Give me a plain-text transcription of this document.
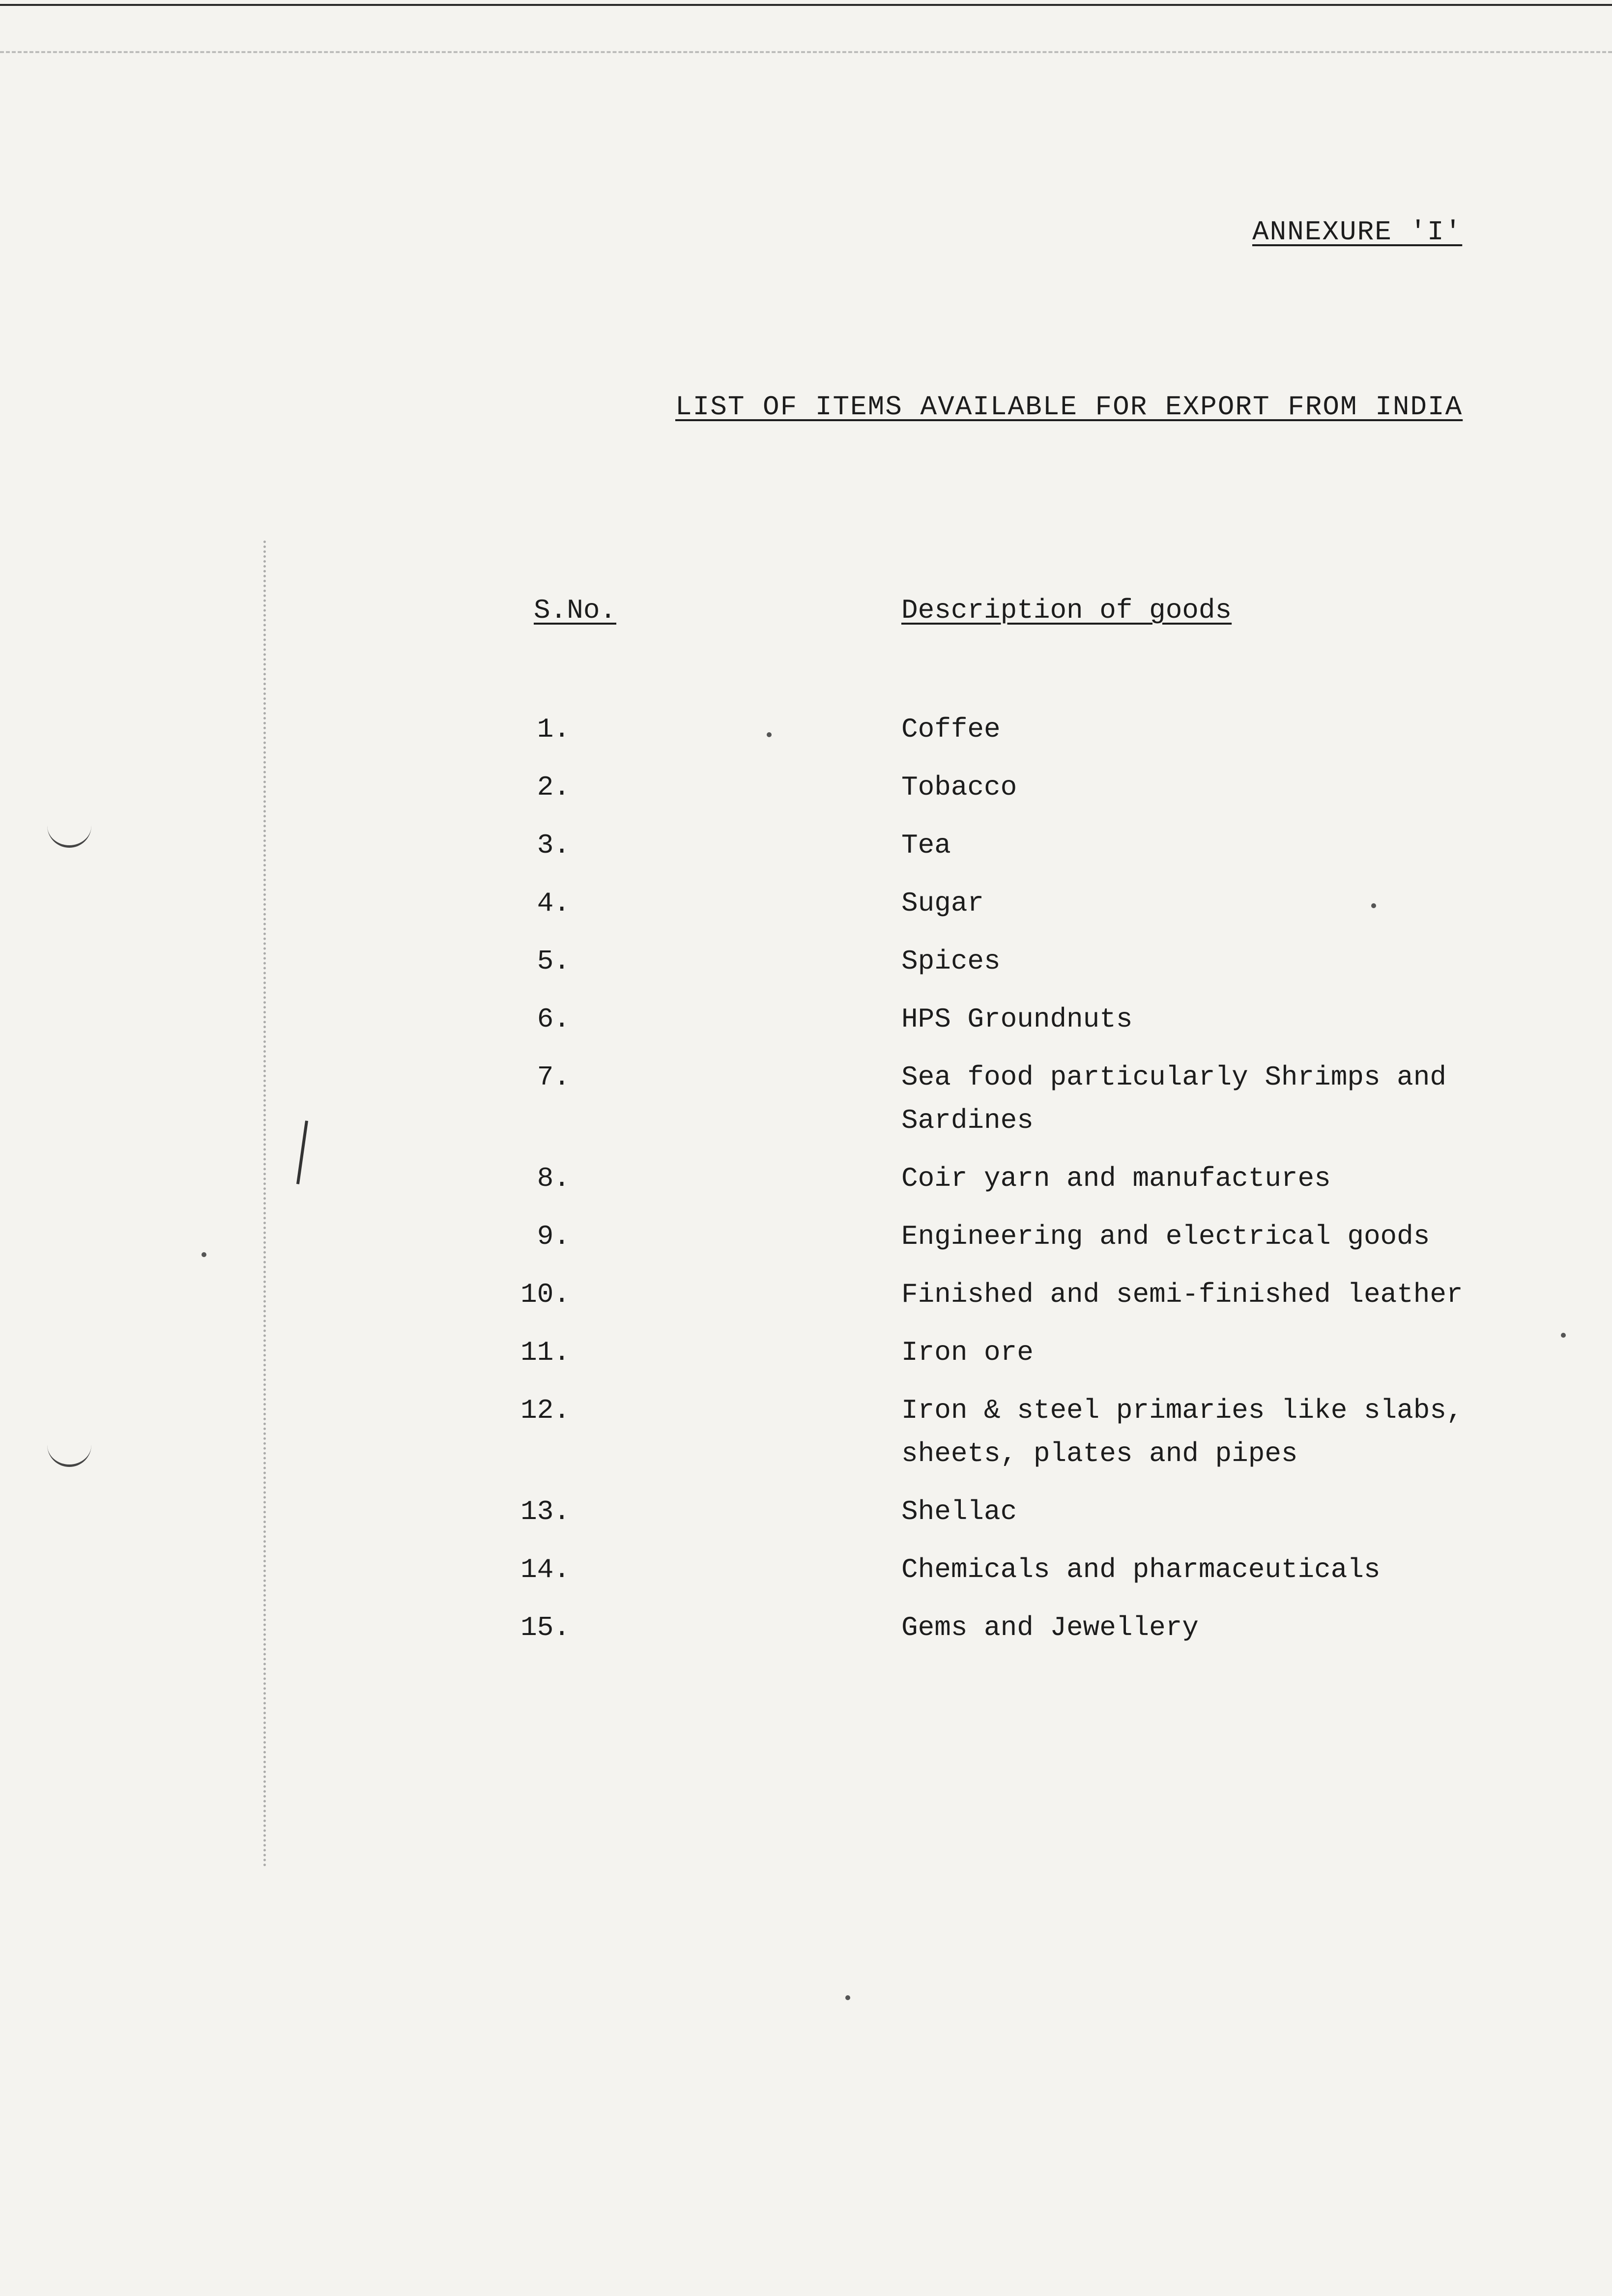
ANNEXURE 'I'
LIST OF ITEMS AVAILABLE FOR EXPORT FROM INDIA
S.No.	Description of goods
1.	Coffee
2.	Tobacco
3.	Tea
4.	Sugar
5.	Spices
6.	HPS Groundnuts
7.	Sea food particularly Shrimps and
Sardines
8.	Coir yarn and manufactures
9.	Engineering and electrical goods
10.	Finished and semi-finished leather
11.	Iron ore
12.	Iron & steel primaries like slabs,
sheets, plates and pipes
13.	Shellac
14.	Chemicals and pharmaceuticals
15.	Gems and Jewellery
